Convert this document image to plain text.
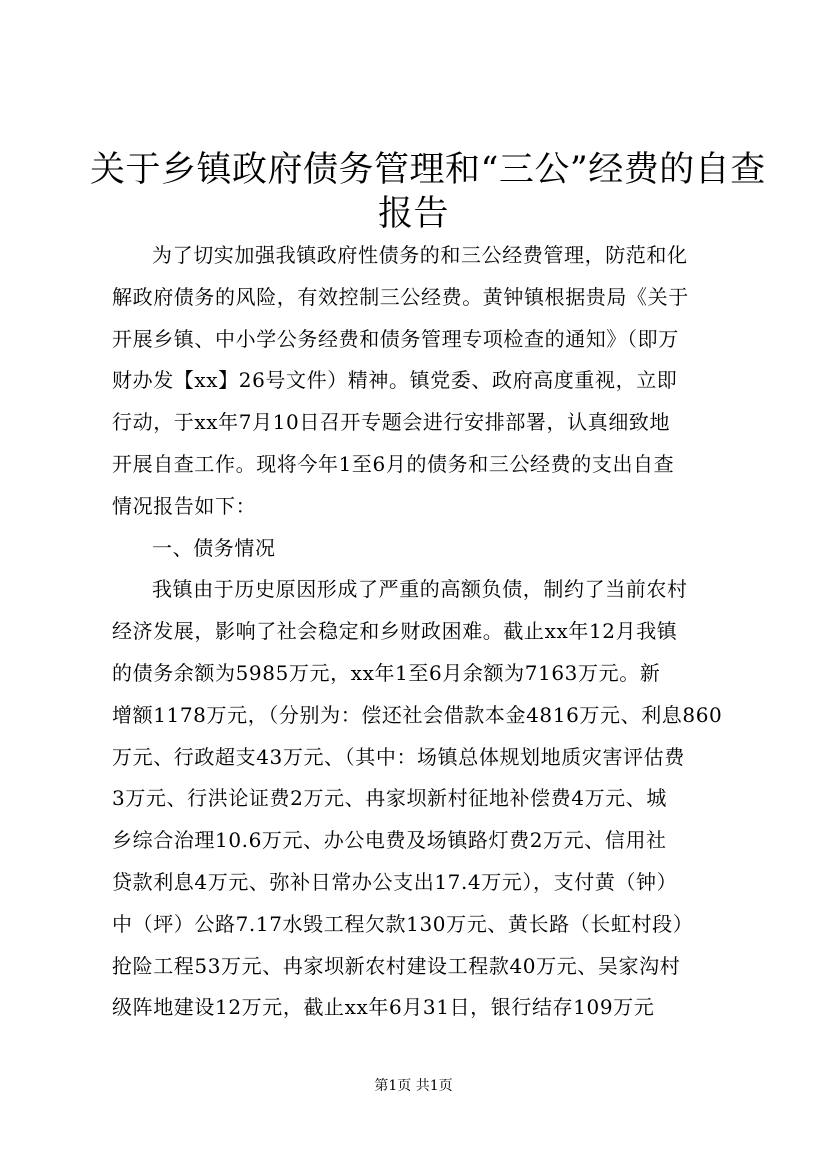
关于乡镇政府债务管理和“三公”经费的自查
报告
为了切实加强我镇政府性债务的和三公经费管理，防范和化
解政府债务的风险，有效控制三公经费。黄钟镇根据贵局《关于
开展乡镇、中小学公务经费和债务管理专项检查的通知》（即万
财办发【xx】26号文件）精神。镇党委、政府高度重视，立即
行动，于xx年7月10日召开专题会进行安排部署，认真细致地
开展自查工作。现将今年1至6月的债务和三公经费的支出自查
情况报告如下：
一、债务情况
我镇由于历史原因形成了严重的高额负债，制约了当前农村
经济发展，影响了社会稳定和乡财政困难。截止xx年12月我镇
的债务余额为5985万元，xx年1至6月余额为7163万元。新
增额1178万元，（分别为：偿还社会借款本金4816万元、利息860
万元、行政超支43万元、（其中：场镇总体规划地质灾害评估费
3万元、行洪论证费2万元、冉家坝新村征地补偿费4万元、城
乡综合治理10.6万元、办公电费及场镇路灯费2万元、信用社
贷款利息4万元、弥补日常办公支出17.4万元），支付黄（钟）
中（坪）公路7.17水毁工程欠款130万元、黄长路（长虹村段）
抢险工程53万元、冉家坝新农村建设工程款40万元、吴家沟村
级阵地建设12万元，截止xx年6月31日，银行结存109万元
第1页 共1页
